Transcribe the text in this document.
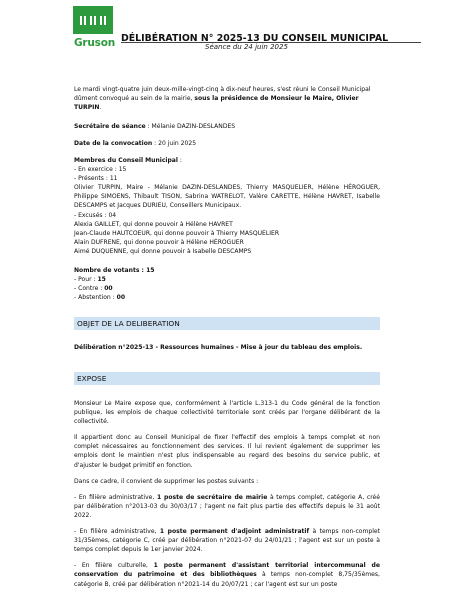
Gruson DÉLIBÉRATION N° 2025-13 DU CONSEIL MUNICIPAL
Séance du 24 juin 2025

Le mardi vingt-quatre juin deux-mille-vingt-cinq à dix-neuf heures, s'est réuni le Conseil Municipal dûment convoqué au sein de la mairie, sous la présidence de Monsieur le Maire, Olivier TURPIN.

Secrétaire de séance : Mélanie DAZIN-DESLANDES

Date de la convocation : 20 juin 2025

Membres du Conseil Municipal :

- En exercice : 15

- Présents : 11

Olivier TURPIN, Maire - Mélanie DAZIN-DESLANDES, Thierry MASQUELIER, Hélène HÉROGUER, Philippe SIMOENS, Thibault TISON, Sabrina WATRELOT, Valère CARETTE, Hélène HAVRET, Isabelle DESCAMPS et Jacques DURIEU, Conseillers Municipaux.

- Excusés : 04

Alexia GAILLET, qui donne pouvoir à Hélène HAVRET

Jean-Claude HAUTCOEUR, qui donne pouvoir à Thierry MASQUELIER

Alain DUFRENE, qui donne pouvoir à Hélène HÉROGUER

Aimé DUQUENNE, qui donne pouvoir à Isabelle DESCAMPS

Nombre de votants : 15

- Pour : 15

- Contre : 00

- Abstention : 00

OBJET DE LA DELIBERATION

Délibération n°2025-13 - Ressources humaines - Mise à jour du tableau des emplois.

EXPOSE

Monsieur Le Maire expose que, conformément à l'article L.313-1 du Code général de la fonction publique, les emplois de chaque collectivité territoriale sont créés par l'organe délibérant de la collectivité.

Il appartient donc au Conseil Municipal de fixer l'effectif des emplois à temps complet et non complet nécessaires au fonctionnement des services. Il lui revient également de supprimer les emplois dont le maintien n'est plus indispensable au regard des besoins du service public, et d'ajuster le budget primitif en fonction.

Dans ce cadre, il convient de supprimer les postes suivants :

- En filière administrative, 1 poste de secrétaire de mairie à temps complet, catégorie A, créé par délibération n°2013-03 du 30/03/17 ; l'agent ne fait plus partie des effectifs depuis le 31 août 2022.

- En filière administrative, 1 poste permanent d'adjoint administratif à temps non-complet 31/35èmes, catégorie C, créé par délibération n°2021-07 du 24/01/21 ; l'agent est sur un poste à temps complet depuis le 1er janvier 2024.

- En filière culturelle, 1 poste permanent d'assistant territorial intercommunal de conservation du patrimoine et des bibliothèques à temps non-complet 8,75/35èmes, catégorie B, créé par délibération n°2021-14 du 20/07/21 ; car l'agent est sur un poste
